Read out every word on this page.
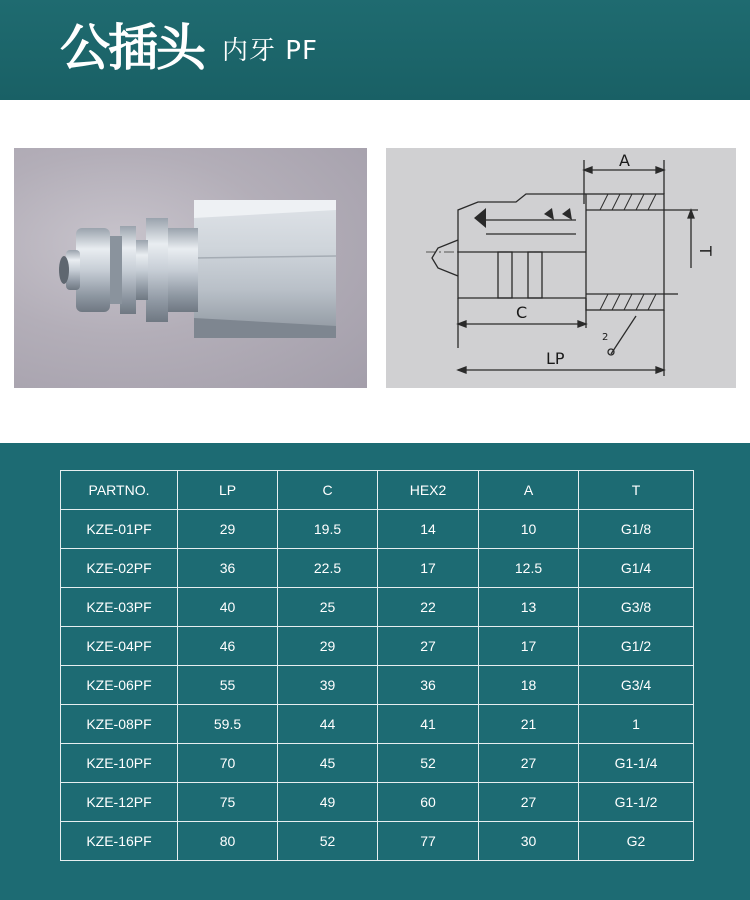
公插头 内牙 PF
A
T
C
LP
2
PARTNO.	LP	C	HEX2	A	T
KZE-01PF	29	19.5	14	10	G1/8
KZE-02PF	36	22.5	17	12.5	G1/4
KZE-03PF	40	25	22	13	G3/8
KZE-04PF	46	29	27	17	G1/2
KZE-06PF	55	39	36	18	G3/4
KZE-08PF	59.5	44	41	21	1
KZE-10PF	70	45	52	27	G1-1/4
KZE-12PF	75	49	60	27	G1-1/2
KZE-16PF	80	52	77	30	G2
